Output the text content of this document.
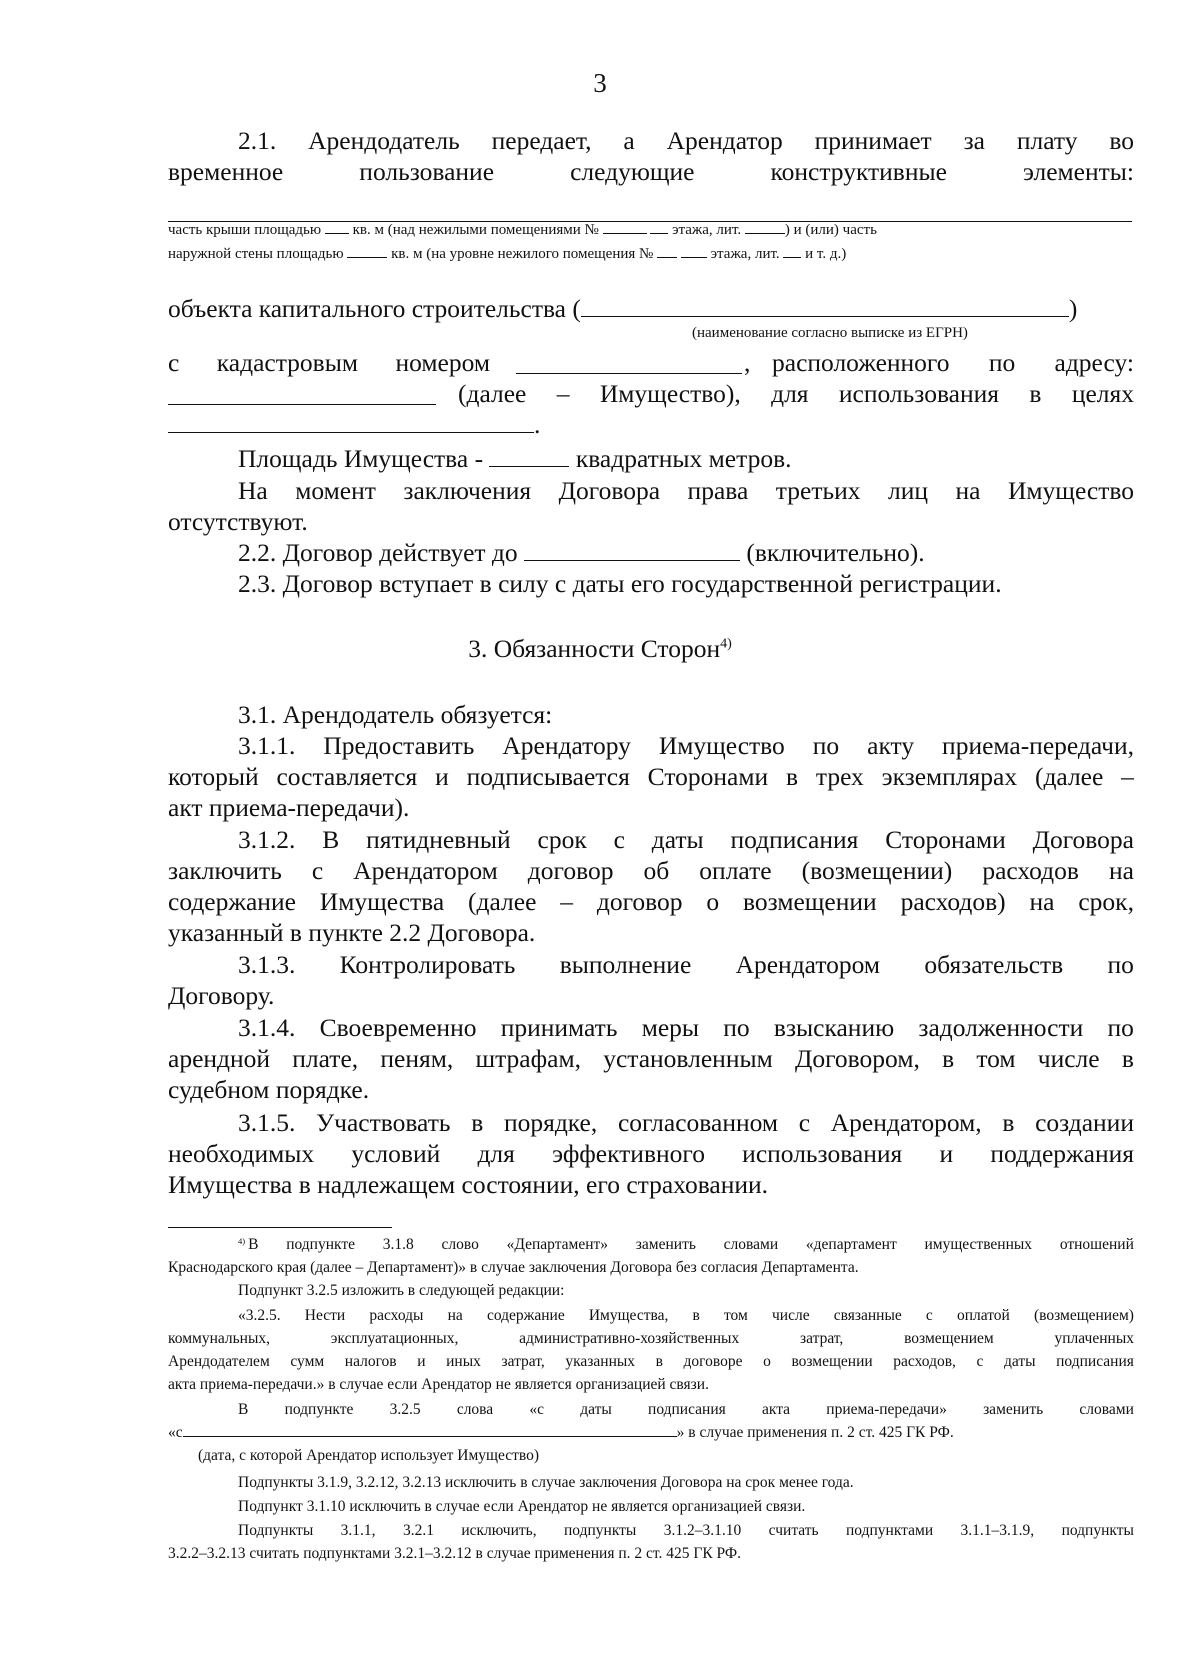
3
2.1. Арендодатель передает, а Арендатор принимает за плату во
временное	пользование	следующие	конструктивные	элементы:
часть крыши площадью кв. м (над нежилыми помещениями №	этажа, лит.	) и (или) часть
наружной стены площадью	кв. м (на уровне нежилого помещения №	этажа, лит. и т. д.)
объекта капитального строительства (	)
(наименование согласно выписке из ЕГРН)
с кадастровым номером	, расположенного по адресу:
(далее – Имущество), для использования в целях
.
Площадь Имущества -	квадратных метров.
На момент заключения Договора права третьих лиц на Имущество
отсутствуют.
2.2. Договор действует до	(включительно).
2.3. Договор вступает в силу с даты его государственной регистрации.
3. Обязанности Сторон$^{4)}$
3.1. Арендодатель обязуется:
3.1.1. Предоставить Арендатору Имущество по акту приема-передачи,
который составляется и подписывается Сторонами в трех экземплярах (далее –
акт приема-передачи).
3.1.2. В пятидневный срок с даты подписания Сторонами Договора
заключить с Арендатором договор об оплате (возмещении) расходов на
содержание Имущества (далее – договор о возмещении расходов) на срок,
указанный в пункте 2.2 Договора.
3.1.3. Контролировать выполнение Арендатором обязательств по
Договору.
3.1.4. Своевременно принимать меры по взысканию задолженности по
арендной плате, пеням, штрафам, установленным Договором, в том числе в
судебном порядке.
3.1.5. Участвовать в порядке, согласованном с Арендатором, в создании
необходимых условий для эффективного использования и поддержания
Имущества в надлежащем состоянии, его страховании.
4) В подпункте 3.1.8 слово «Департамент» заменить словами «департамент имущественных отношений
Краснодарского края (далее – Департамент)» в случае заключения Договора без согласия Департамента.
Подпункт 3.2.5 изложить в следующей редакции:
«3.2.5. Нести расходы на содержание Имущества, в том числе связанные с оплатой (возмещением)
коммунальных,	эксплуатационных,	административно-хозяйственных	затрат,	возмещением	уплаченных
Арендодателем сумм налогов и иных затрат, указанных в договоре о возмещении расходов, с даты подписания
акта приема-передачи.» в случае если Арендатор не является организацией связи.
В подпункте 3.2.5 слова «с даты подписания акта приема-передачи» заменить словами
«с	» в случае применения п. 2 ст. 425 ГК РФ.
(дата, с которой Арендатор использует Имущество)
Подпункты 3.1.9, 3.2.12, 3.2.13 исключить в случае заключения Договора на срок менее года.
Подпункт 3.1.10 исключить в случае если Арендатор не является организацией связи.
Подпункты 3.1.1, 3.2.1 исключить, подпункты 3.1.2–3.1.10 считать подпунктами 3.1.1–3.1.9, подпункты
3.2.2–3.2.13 считать подпунктами 3.2.1–3.2.12 в случае применения п. 2 ст. 425 ГК РФ.
